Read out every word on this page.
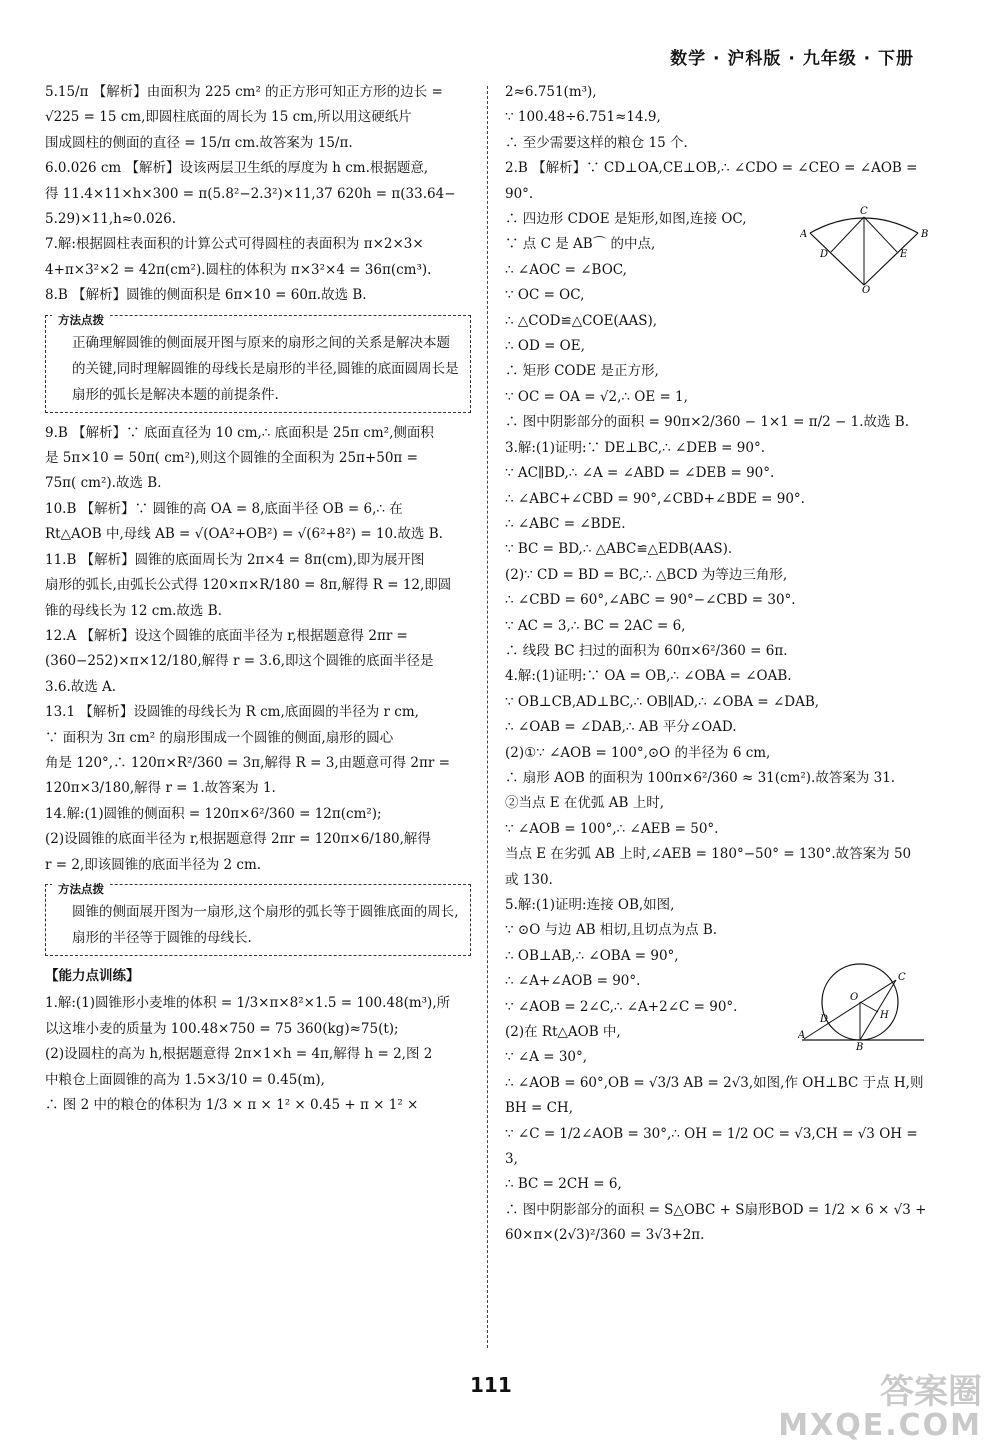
数学 · 沪科版 · 九年级 · 下册

5.15/π 【解析】由面积为 225 cm² 的正方形可知正方形的边长 =

√225 = 15 cm,即圆柱底面的周长为 15 cm,所以用这硬纸片

围成圆柱的侧面的直径 = 15/π cm.故答案为 15/π.

6.0.026 cm 【解析】设该两层卫生纸的厚度为 h cm.根据题意,

得 11.4×11×h×300 = π(5.8²−2.3²)×11,37 620h = π(33.64−

5.29)×11,h≈0.026.

7.解:根据圆柱表面积的计算公式可得圆柱的表面积为 π×2×3×

4+π×3²×2 = 42π(cm²).圆柱的体积为 π×3²×4 = 36π(cm³).

8.B 【解析】圆锥的侧面积是 6π×10 = 60π.故选 B.

方法点拨

正确理解圆锥的侧面展开图与原来的扇形之间的关系是解决本题的关键,同时理解圆锥的母线长是扇形的半径,圆锥的底面圆周长是扇形的弧长是解决本题的前提条件.

9.B 【解析】∵ 底面直径为 10 cm,∴ 底面积是 25π cm²,侧面积

是 5π×10 = 50π( cm²),则这个圆锥的全面积为 25π+50π =

75π( cm²).故选 B.

10.B 【解析】∵ 圆锥的高 OA = 8,底面半径 OB = 6,∴ 在

Rt△AOB 中,母线 AB = √(OA²+OB²) = √(6²+8²) = 10.故选 B.

11.B 【解析】圆锥的底面周长为 2π×4 = 8π(cm),即为展开图

扇形的弧长,由弧长公式得 120×π×R/180 = 8π,解得 R = 12,即圆

锥的母线长为 12 cm.故选 B.

12.A 【解析】设这个圆锥的底面半径为 r,根据题意得 2πr =

(360−252)×π×12/180,解得 r = 3.6,即这个圆锥的底面半径是

3.6.故选 A.

13.1 【解析】设圆锥的母线长为 R cm,底面圆的半径为 r cm,

∵ 面积为 3π cm² 的扇形围成一个圆锥的侧面,扇形的圆心

角是 120°,∴ 120π×R²/360 = 3π,解得 R = 3,由题意可得 2πr =

120π×3/180,解得 r = 1.故答案为 1.

14.解:(1)圆锥的侧面积 = 120π×6²/360 = 12π(cm²);

(2)设圆锥的底面半径为 r,根据题意得 2πr = 120π×6/180,解得

r = 2,即该圆锥的底面半径为 2 cm.

方法点拨

圆锥的侧面展开图为一扇形,这个扇形的弧长等于圆锥底面的周长,扇形的半径等于圆锥的母线长.

【能力点训练】

1.解:(1)圆锥形小麦堆的体积 = 1/3×π×8²×1.5 = 100.48(m³),所

以这堆小麦的质量为 100.48×750 = 75 360(kg)≈75(t);

(2)设圆柱的高为 h,根据题意得 2π×1×h = 4π,解得 h = 2,图 2

中粮仓上面圆锥的高为 1.5×3/10 = 0.45(m),

∴ 图 2 中的粮仓的体积为 1/3 × π × 1² × 0.45 + π × 1² ×

2≈6.751(m³),

∵ 100.48÷6.751≈14.9,

∴ 至少需要这样的粮仓 15 个.

2.B 【解析】∵ CD⊥OA,CE⊥OB,∴ ∠CDO = ∠CEO = ∠AOB = 90°.

∴ 四边形 CDOE 是矩形,如图,连接 OC,

∵ 点 C 是 AB⌒ 的中点,

∴ ∠AOC = ∠BOC,

∵ OC = OC,

∴ △COD≌△COE(AAS),

∴ OD = OE,

∴ 矩形 CODE 是正方形,

∵ OC = OA = √2,∴ OE = 1,

∴ 图中阴影部分的面积 = 90π×2/360 − 1×1 = π/2 − 1.故选 B.

3.解:(1)证明:∵ DE⊥BC,∴ ∠DEB = 90°.

∵ AC∥BD,∴ ∠A = ∠ABD = ∠DEB = 90°.

∴ ∠ABC+∠CBD = 90°,∠CBD+∠BDE = 90°.

∴ ∠ABC = ∠BDE.

∵ BC = BD,∴ △ABC≌△EDB(AAS).

(2)∵ CD = BD = BC,∴ △BCD 为等边三角形,

∴ ∠CBD = 60°,∠ABC = 90°−∠CBD = 30°.

∵ AC = 3,∴ BC = 2AC = 6,

∴ 线段 BC 扫过的面积为 60π×6²/360 = 6π.

4.解:(1)证明:∵ OA = OB,∴ ∠OBA = ∠OAB.

∵ OB⊥CB,AD⊥BC,∴ OB∥AD,∴ ∠OBA = ∠DAB,

∴ ∠OAB = ∠DAB,∴ AB 平分∠OAD.

(2)①∵ ∠AOB = 100°,⊙O 的半径为 6 cm,

∴ 扇形 AOB 的面积为 100π×6²/360 ≈ 31(cm²).故答案为 31.

②当点 E 在优弧 AB 上时,

∵ ∠AOB = 100°,∴ ∠AEB = 50°.

当点 E 在劣弧 AB 上时,∠AEB = 180°−50° = 130°.故答案为 50

或 130.

5.解:(1)证明:连接 OB,如图,

∵ ⊙O 与边 AB 相切,且切点为点 B.

∴ OB⊥AB,∴ ∠OBA = 90°,

∴ ∠A+∠AOB = 90°.

∵ ∠AOB = 2∠C,∴ ∠A+2∠C = 90°.

(2)在 Rt△AOB 中,

∵ ∠A = 30°,

∴ ∠AOB = 60°,OB = √3/3 AB = 2√3,如图,作 OH⊥BC 于点 H,则

BH = CH,

∵ ∠C = 1/2∠AOB = 30°,∴ OH = 1/2 OC = √3,CH = √3 OH = 3,

∴ BC = 2CH = 6,

∴ 图中阴影部分的面积 = S△OBC + S扇形BOD = 1/2 × 6 × √3 +

60×π×(2√3)²/360 = 3√3+2π.

C
A	B
D	E
O
C
O
H
D
A
B
111	答案圈
MXQE.COM
